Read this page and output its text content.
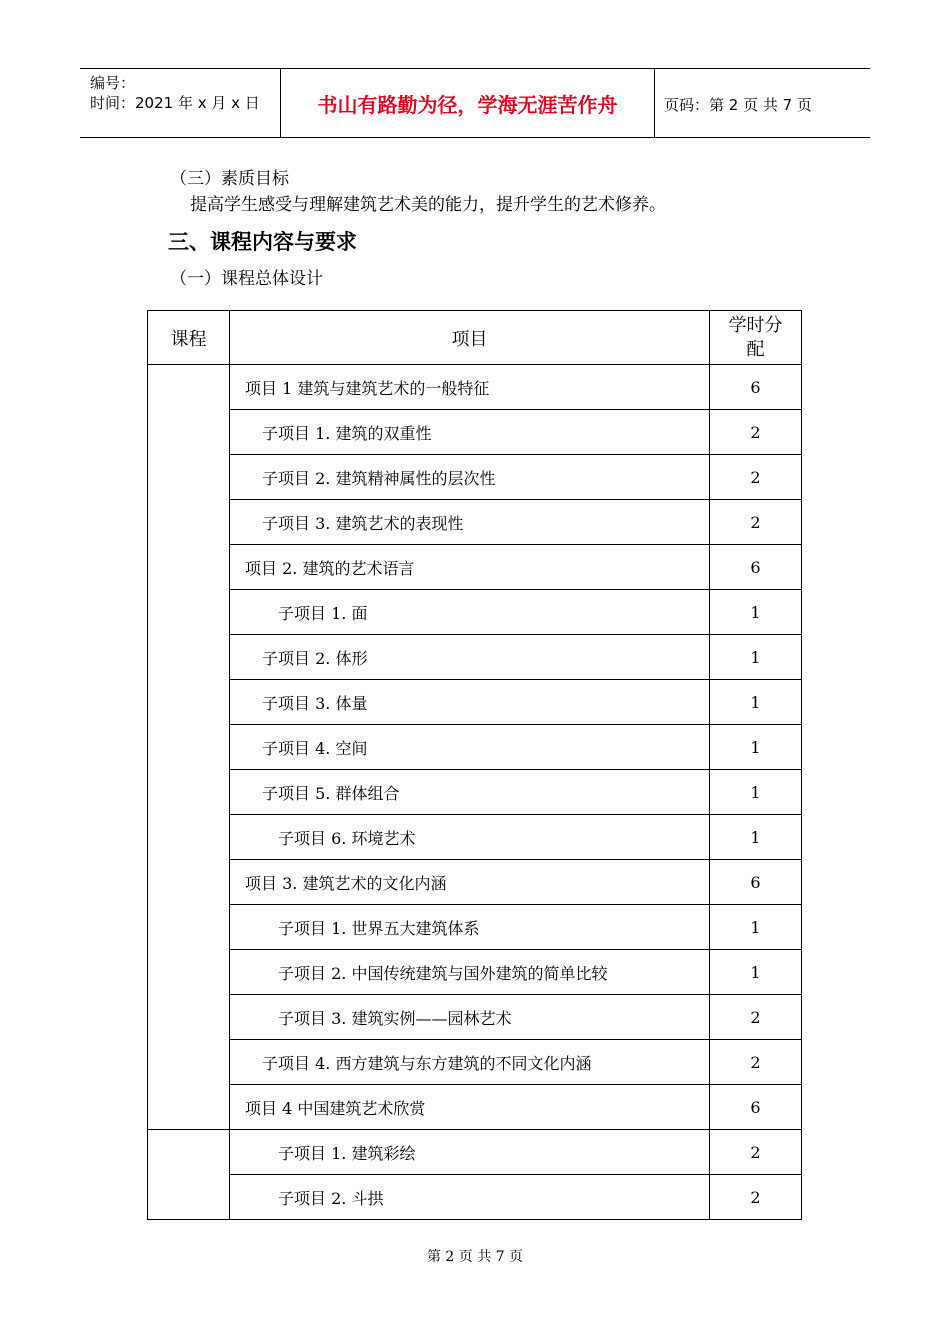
编号：
时间：2021 年 x 月 x 日	书山有路勤为径，学海无涯苦作舟	页码：第 2 页 共 7 页
（三）素质目标
提高学生感受与理解建筑艺术美的能力，提升学生的艺术修养。
三、课程内容与要求
（一）课程总体设计
课程	项目	学时分配

	项目 1 建筑与建筑艺术的一般特征	6
	子项目 1. 建筑的双重性	2
	子项目 2. 建筑精神属性的层次性	2
	子项目 3. 建筑艺术的表现性	2
	项目 2. 建筑的艺术语言	6
	子项目 1. 面	1
	子项目 2. 体形	1
	子项目 3. 体量	1
	子项目 4. 空间	1
	子项目 5. 群体组合	1
	子项目 6. 环境艺术	1
	项目 3. 建筑艺术的文化内涵	6
	子项目 1. 世界五大建筑体系	1
	子项目 2. 中国传统建筑与国外建筑的简单比较	1
	子项目 3. 建筑实例——园林艺术	2
	子项目 4. 西方建筑与东方建筑的不同文化内涵	2
	项目 4 中国建筑艺术欣赏	6
	子项目 1. 建筑彩绘	2
	子项目 2. 斗拱	2
第 2 页 共 7 页
